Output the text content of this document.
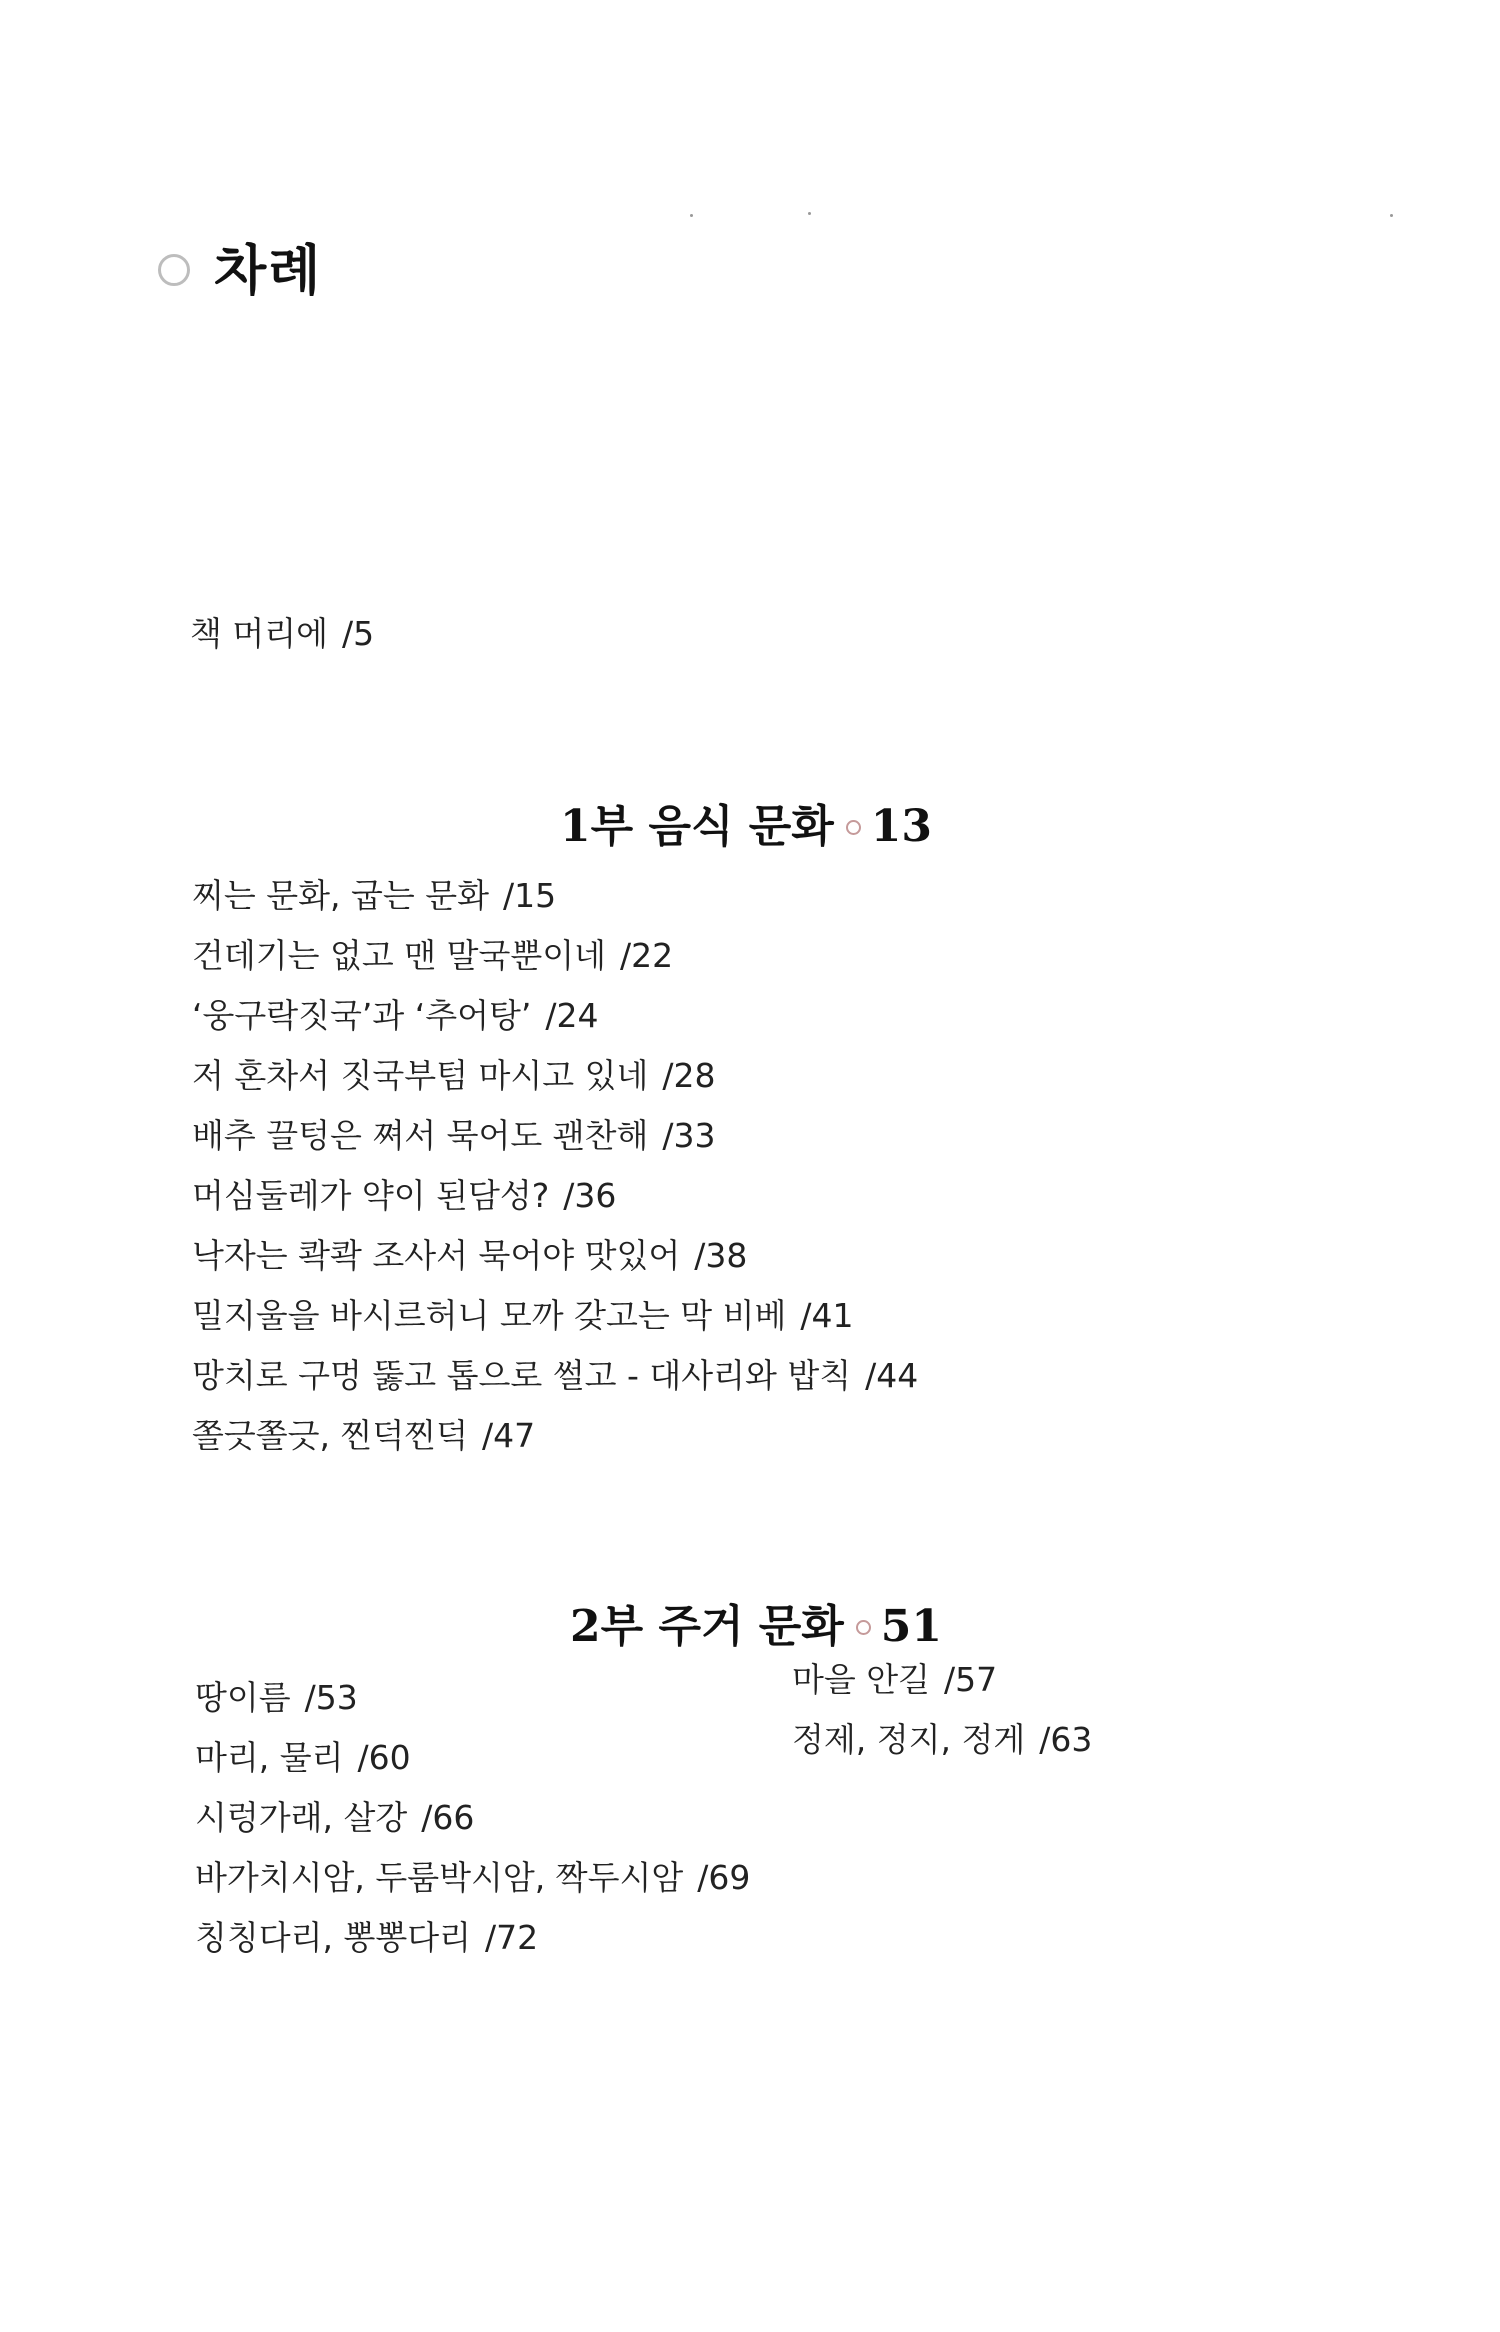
차례
책 머리에 /5
1부 음식 문화 13
찌는 문화, 굽는 문화 /15
건데기는 없고 맨 말국뿐이네 /22
‘웅구락짓국’과 ‘추어탕’ /24
저 혼차서 짓국부텀 마시고 있네 /28
배추 끌텅은 쪄서 묵어도 괜찬해 /33
머심둘레가 약이 된담성? /36
낙자는 콱콱 조사서 묵어야 맛있어 /38
밀지울을 바시르허니 모까 갖고는 막 비베 /41
망치로 구멍 뚫고 톱으로 썰고 - 대사리와 밥칙 /44
쫄긋쫄긋, 찐덕찐덕 /47
2부 주거 문화 51
땅이름 /53
마리, 물리 /60
시렁가래, 살강 /66
바가치시암, 두룸박시암, 짝두시암 /69
칭칭다리, 뽕뽕다리 /72
마을 안길 /57
정제, 정지, 정게 /63
